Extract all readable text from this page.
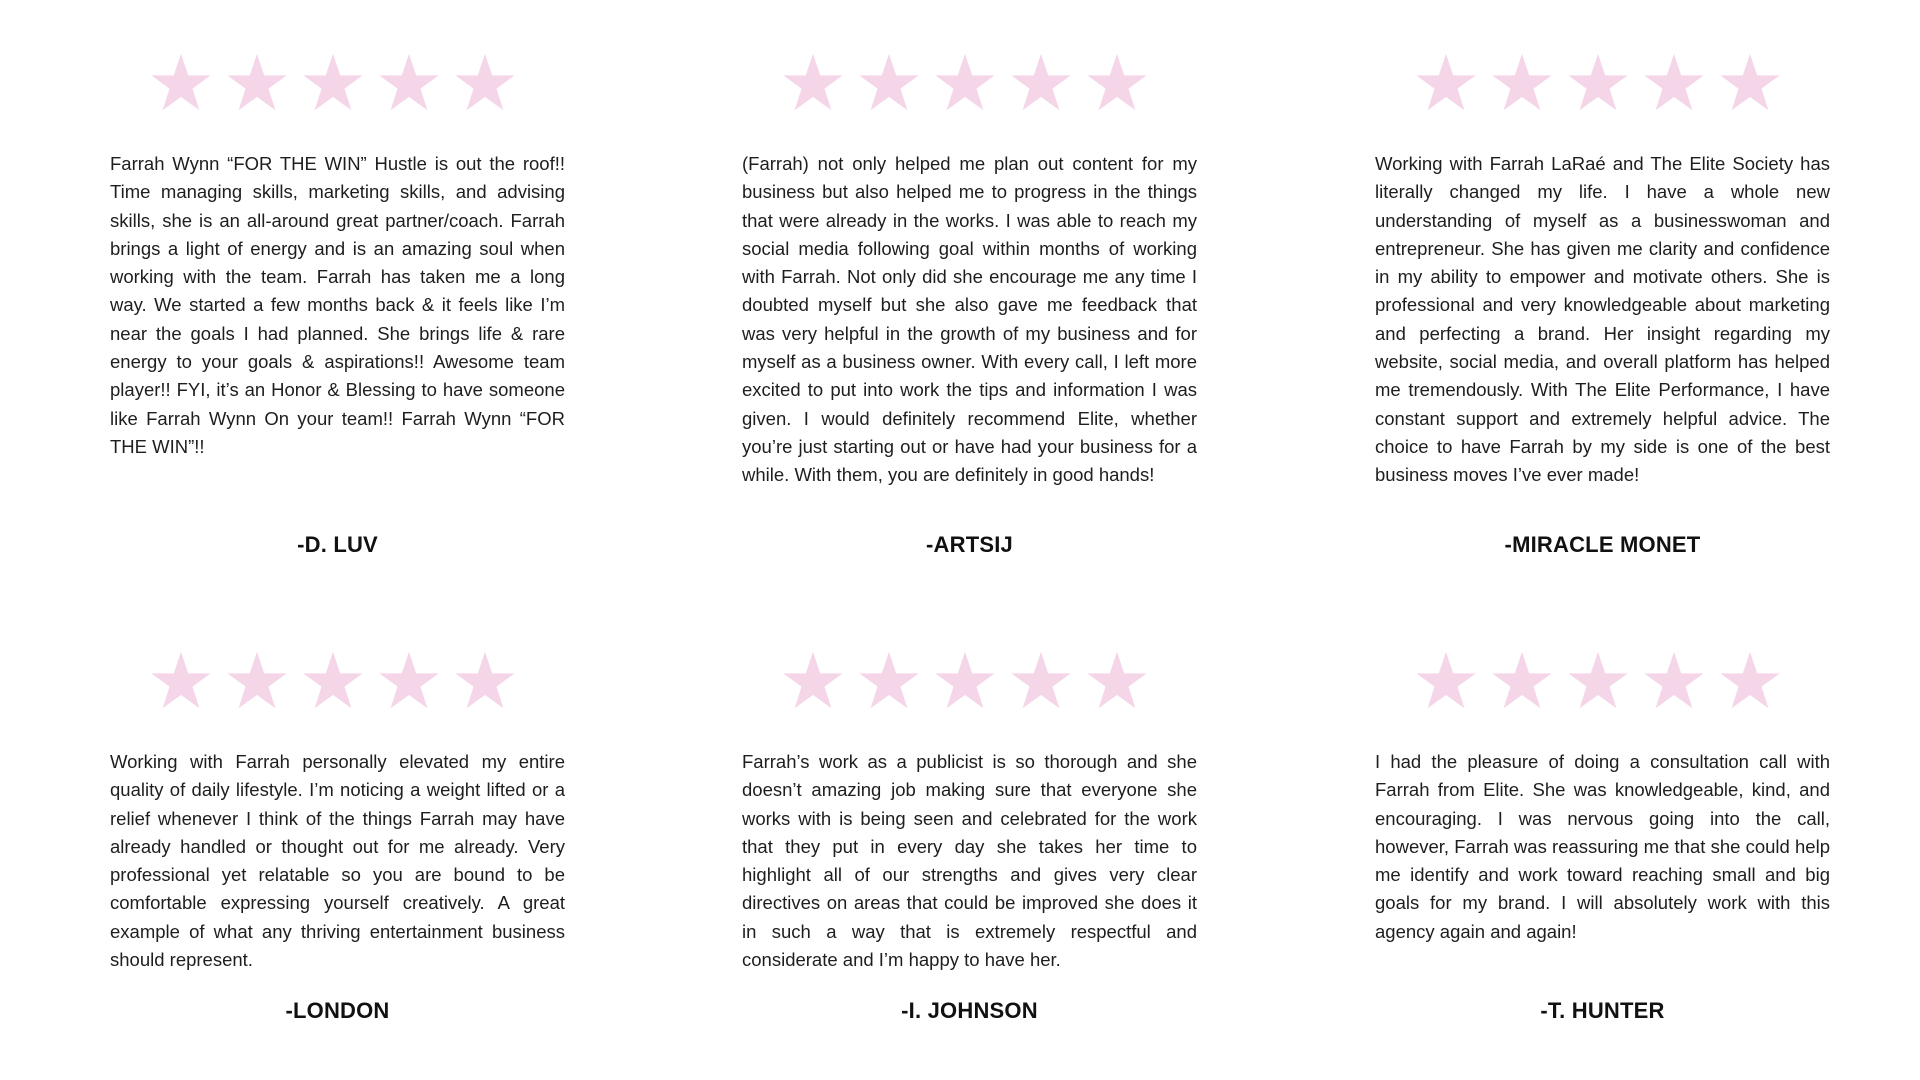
Farrah Wynn “FOR THE WIN” Hustle is out the roof!! Time managing skills, marketing skills, and advising skills, she is an all-around great partner/coach. Farrah brings a light of energy and is an amazing soul when working with the team. Farrah has taken me a long way. We started a few months back & it feels like I’m near the goals I had planned. She brings life & rare energy to your goals & aspirations!! Awesome team player!! FYI, it’s an Honor & Blessing to have someone like Farrah Wynn On your team!! Farrah Wynn “FOR THE WIN”!!

-D. LUV

(Farrah) not only helped me plan out content for my business but also helped me to progress in the things that were already in the works. I was able to reach my social media following goal within months of working with Farrah. Not only did she encourage me any time I doubted myself but she also gave me feedback that was very helpful in the growth of my business and for myself as a business owner. With every call, I left more excited to put into work the tips and information I was given. I would definitely recommend Elite, whether you’re just starting out or have had your business for a while. With them, you are definitely in good hands!

-ARTSIJ

Working with Farrah LaRaé and The Elite Society has literally changed my life. I have a whole new understanding of myself as a businesswoman and entrepreneur. She has given me clarity and confidence in my ability to empower and motivate others. She is professional and very knowledgeable about marketing and perfecting a brand. Her insight regarding my website, social media, and overall platform has helped me tremendously. With The Elite Performance, I have constant support and extremely helpful advice. The choice to have Farrah by my side is one of the best business moves I’ve ever made!

-MIRACLE MONET

Working with Farrah personally elevated my entire quality of daily lifestyle. I’m noticing a weight lifted or a relief whenever I think of the things Farrah may have already handled or thought out for me already. Very professional yet relatable so you are bound to be comfortable expressing yourself creatively. A great example of what any thriving entertainment business should represent.

-LONDON

Farrah’s work as a publicist is so thorough and she doesn’t amazing job making sure that everyone she works with is being seen and celebrated for the work that they put in every day she takes her time to highlight all of our strengths and gives very clear directives on areas that could be improved she does it in such a way that is extremely respectful and considerate and I’m happy to have her.

-I. JOHNSON

I had the pleasure of doing a consultation call with Farrah from Elite. She was knowledgeable, kind, and encouraging. I was nervous going into the call, however, Farrah was reassuring me that she could help me identify and work toward reaching small and big goals for my brand. I will absolutely work with this agency again and again!

-T. HUNTER
